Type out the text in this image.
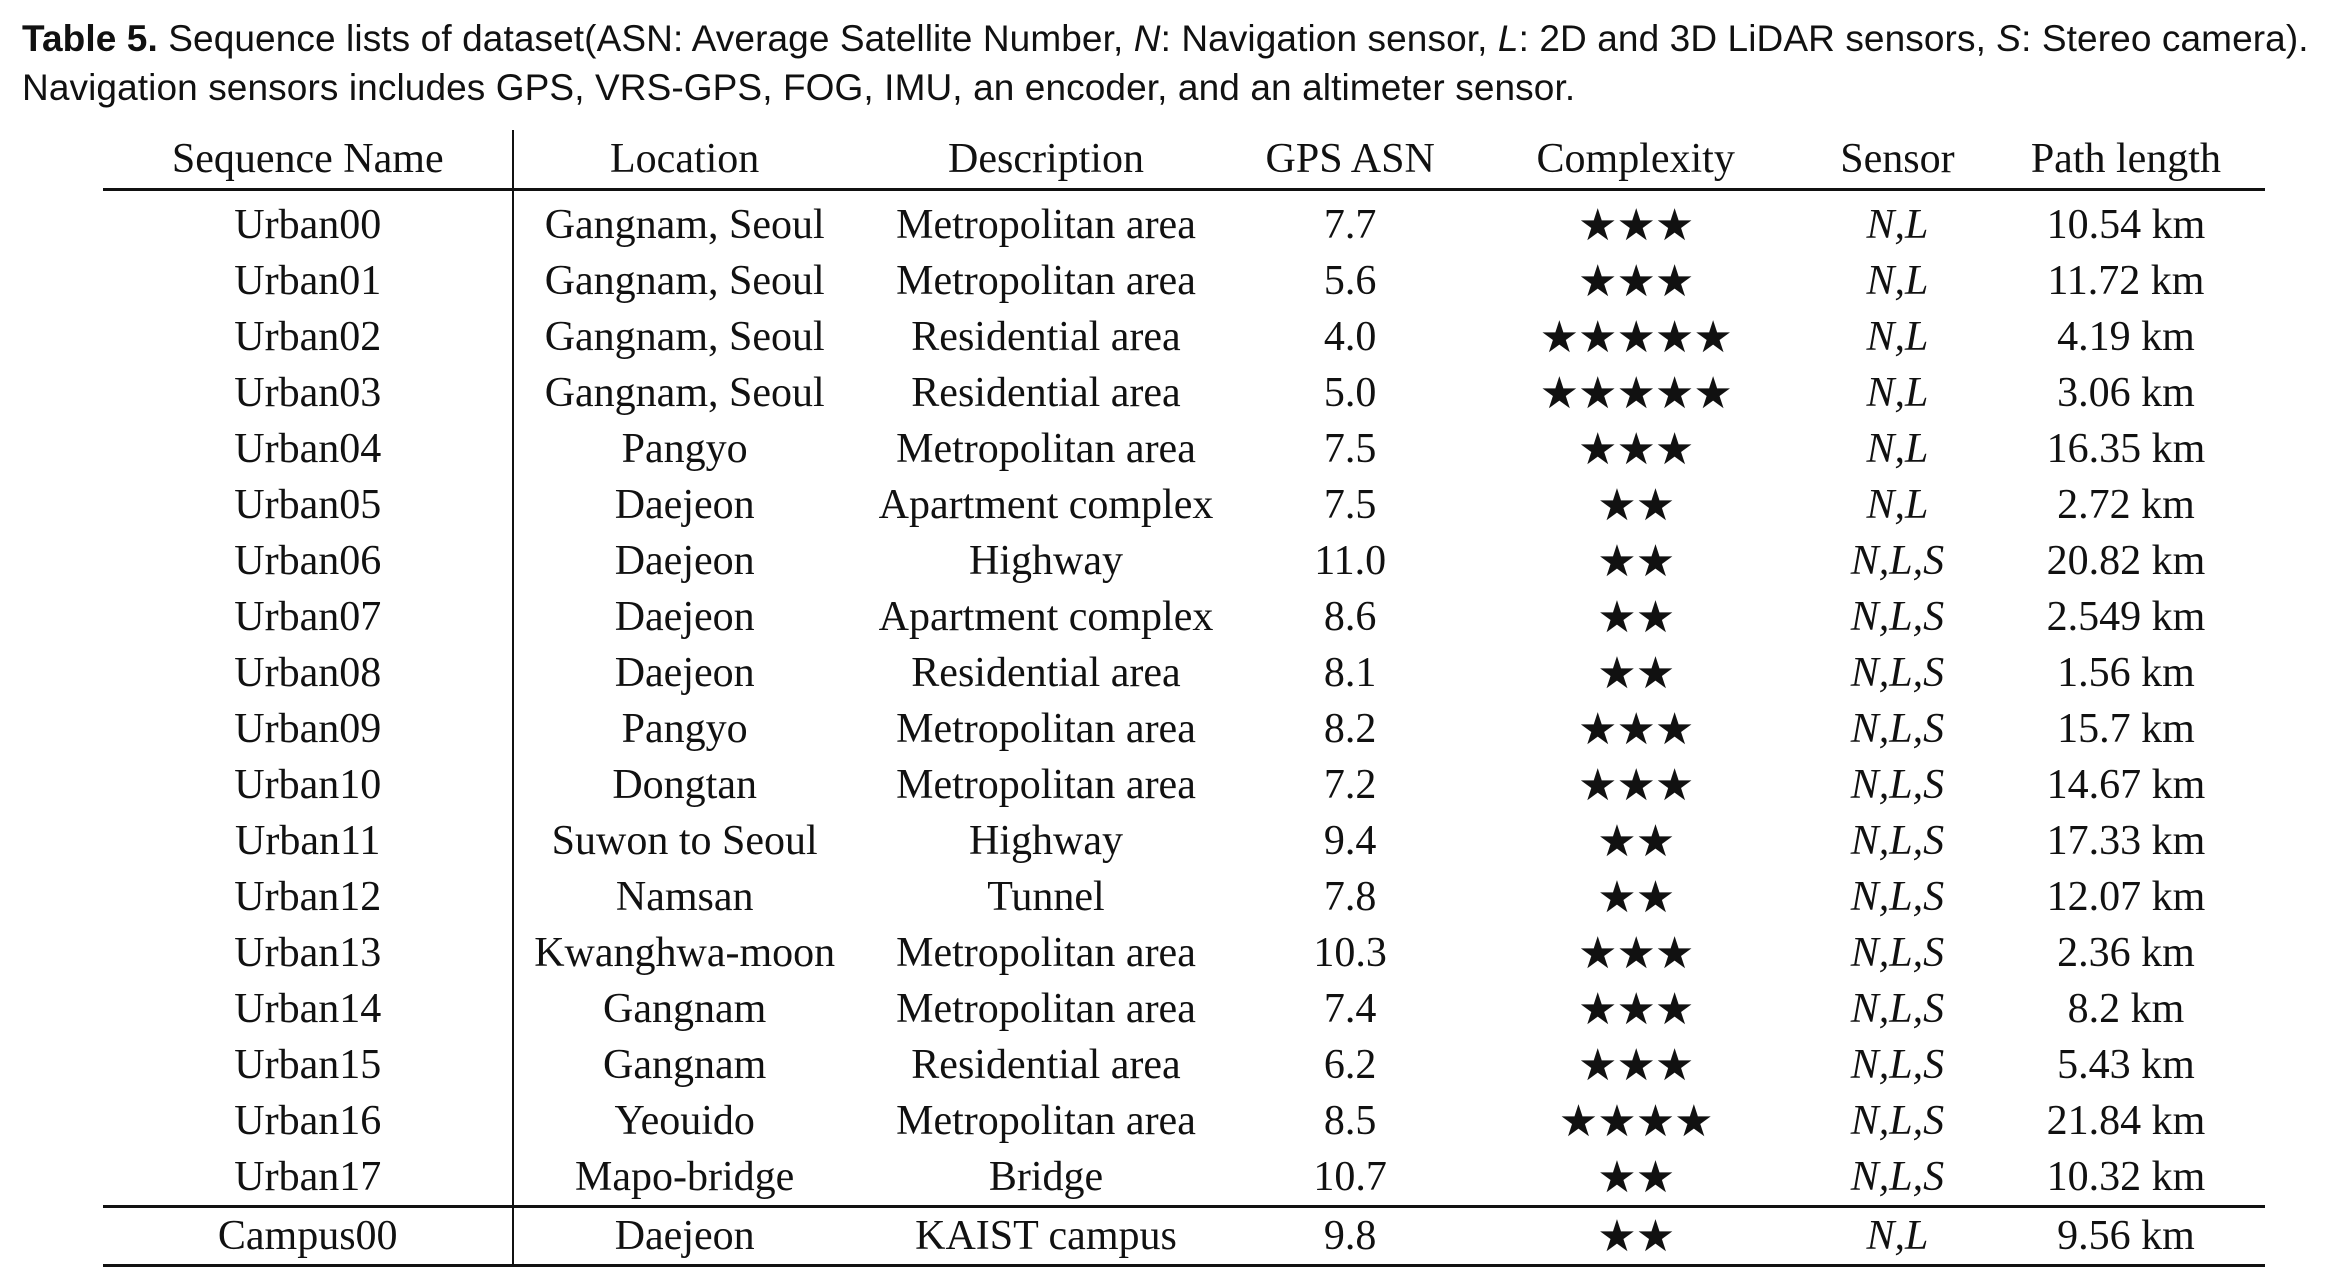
Table 5. Sequence lists of dataset(ASN: Average Satellite Number, N: Navigation sensor, L: 2D and 3D LiDAR sensors, S: Stereo camera). Navigation sensors includes GPS, VRS-GPS, FOG, IMU, an encoder, and an altimeter sensor.
Sequence Name	Location	Description	GPS ASN	Complexity	Sensor	Path length
Urban00	Gangnam, Seoul	Metropolitan area	7.7	★★★	N,L	10.54 km
Urban01	Gangnam, Seoul	Metropolitan area	5.6	★★★	N,L	11.72 km
Urban02	Gangnam, Seoul	Residential area	4.0	★★★★★	N,L	4.19 km
Urban03	Gangnam, Seoul	Residential area	5.0	★★★★★	N,L	3.06 km
Urban04	Pangyo	Metropolitan area	7.5	★★★	N,L	16.35 km
Urban05	Daejeon	Apartment complex	7.5	★★	N,L	2.72 km
Urban06	Daejeon	Highway	11.0	★★	N,L,S	20.82 km
Urban07	Daejeon	Apartment complex	8.6	★★	N,L,S	2.549 km
Urban08	Daejeon	Residential area	8.1	★★	N,L,S	1.56 km
Urban09	Pangyo	Metropolitan area	8.2	★★★	N,L,S	15.7 km
Urban10	Dongtan	Metropolitan area	7.2	★★★	N,L,S	14.67 km
Urban11	Suwon to Seoul	Highway	9.4	★★	N,L,S	17.33 km
Urban12	Namsan	Tunnel	7.8	★★	N,L,S	12.07 km
Urban13	Kwanghwa-moon	Metropolitan area	10.3	★★★	N,L,S	2.36 km
Urban14	Gangnam	Metropolitan area	7.4	★★★	N,L,S	8.2 km
Urban15	Gangnam	Residential area	6.2	★★★	N,L,S	5.43 km
Urban16	Yeouido	Metropolitan area	8.5	★★★★	N,L,S	21.84 km
Urban17	Mapo-bridge	Bridge	10.7	★★	N,L,S	10.32 km
Campus00	Daejeon	KAIST campus	9.8	★★	N,L	9.56 km
